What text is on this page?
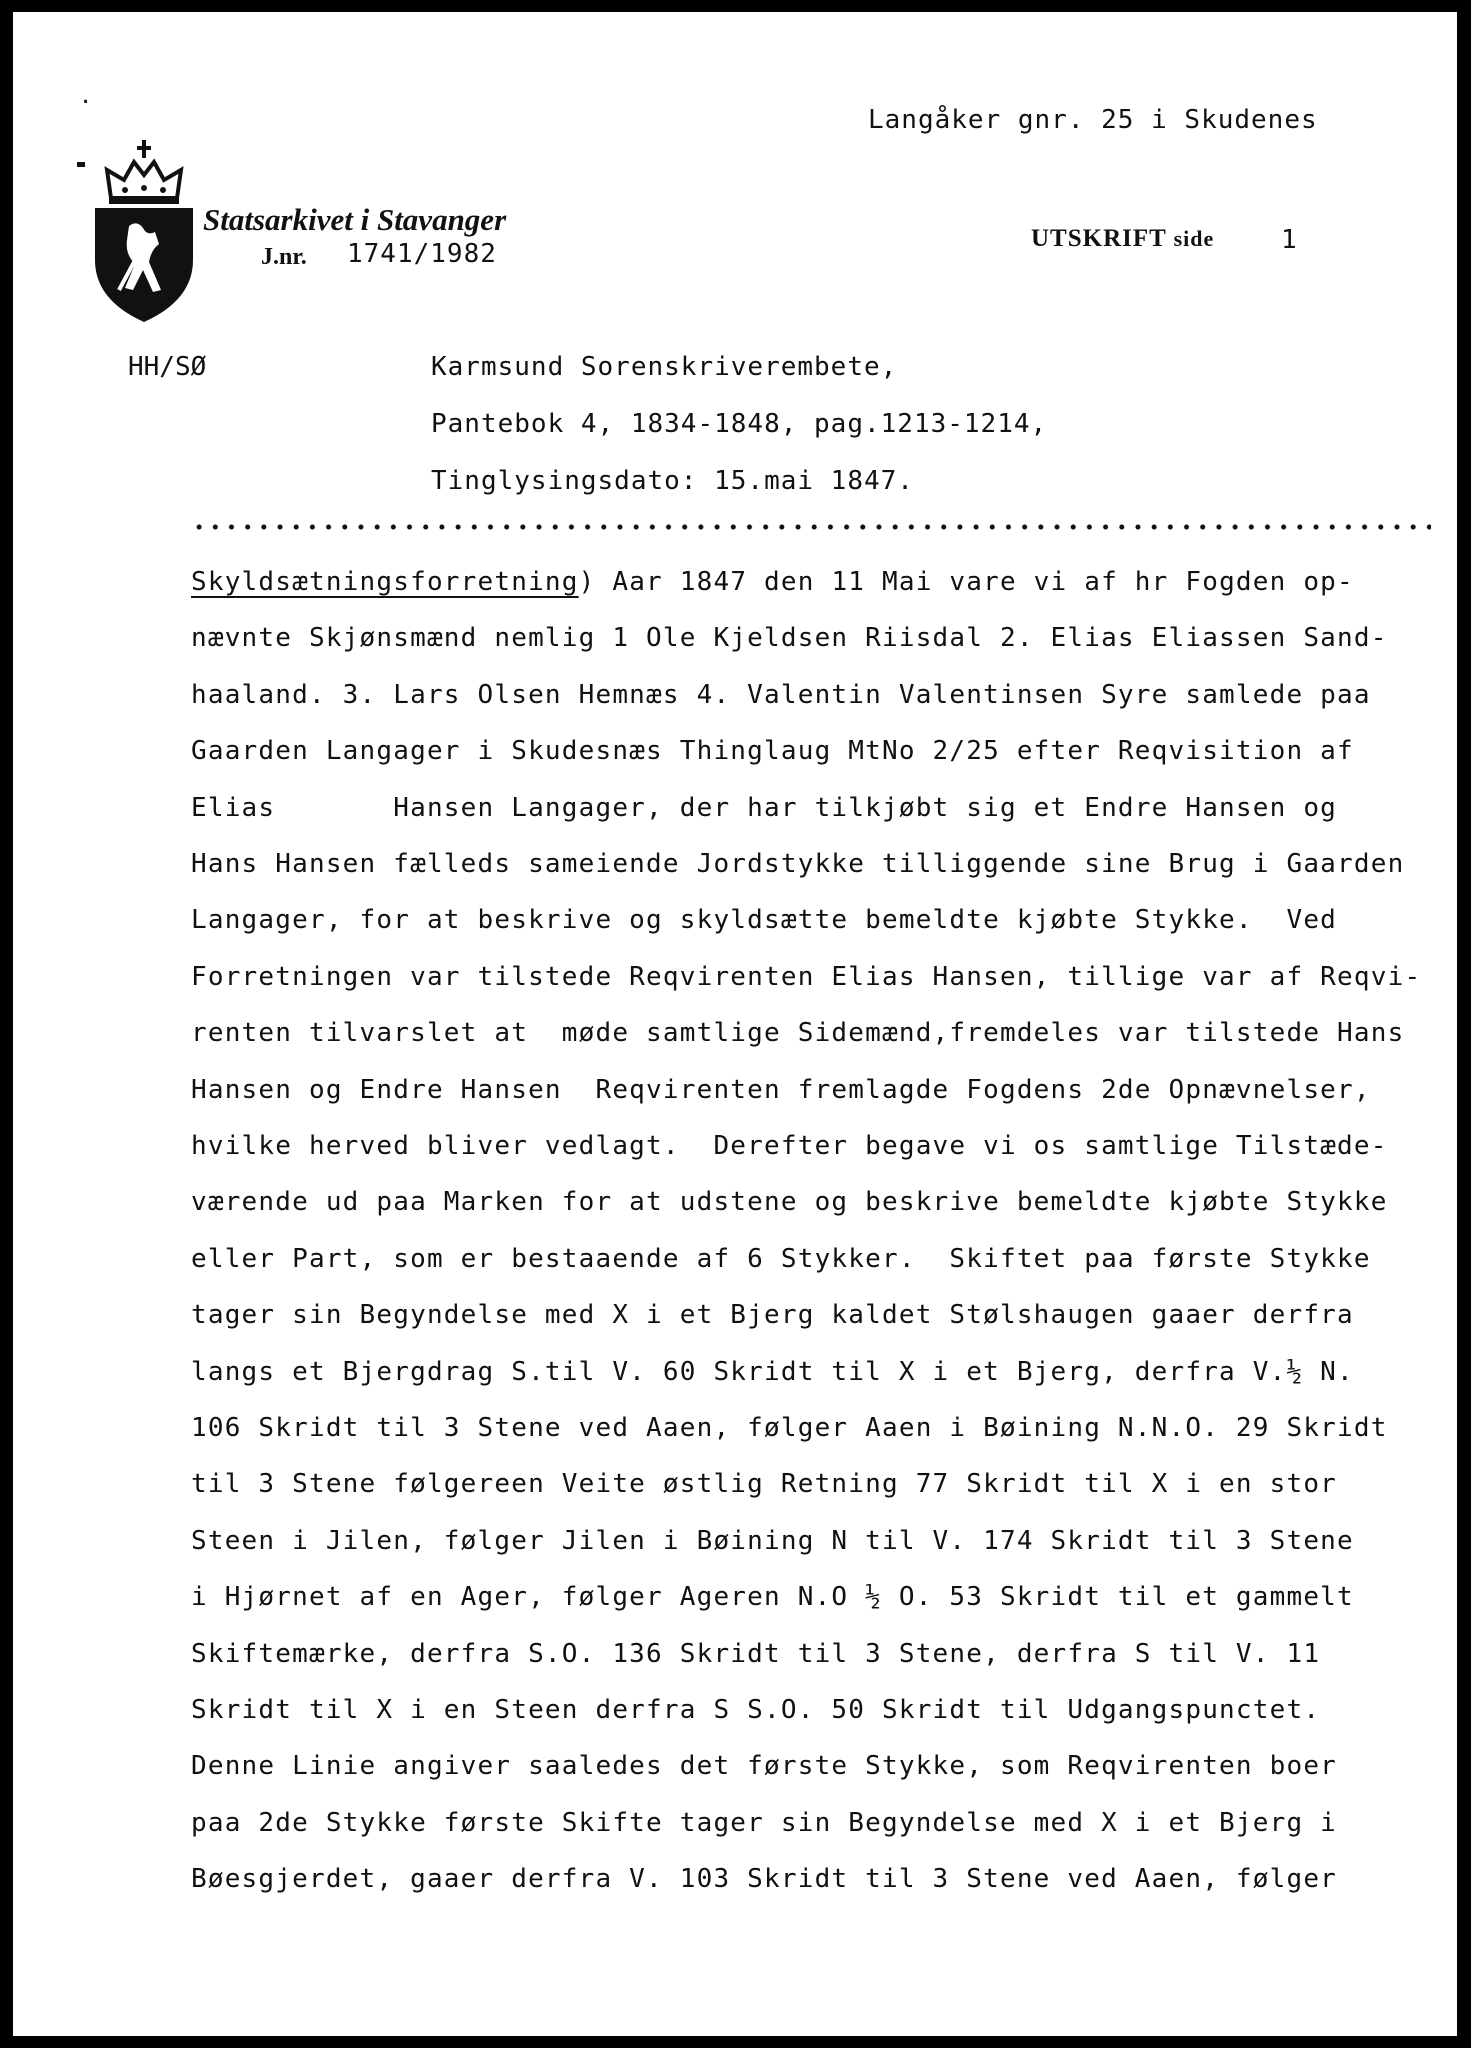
·
Langåker gnr. 25 i Skudenes
Statsarkivet i Stavanger
J.nr. 1741/1982
UTSKRIFT side	1
HH/SØ	Karmsund Sorenskriverembete,
Pantebok 4, 1834-1848, pag.1213-1214,
Tinglysingsdato: 15.mai 1847.
Skyldsætningsforretning) Aar 1847 den 11 Mai vare vi af hr Fogden op-
nævnte Skjønsmænd nemlig 1 Ole Kjeldsen Riisdal 2. Elias Eliassen Sand-
haaland. 3. Lars Olsen Hemnæs 4. Valentin Valentinsen Syre samlede paa
Gaarden Langager i Skudesnæs Thinglaug MtNo 2/25 efter Reqvisition af
Elias       Hansen Langager, der har tilkjøbt sig et Endre Hansen og
Hans Hansen fælleds sameiende Jordstykke tilliggende sine Brug i Gaarden
Langager, for at beskrive og skyldsætte bemeldte kjøbte Stykke.  Ved
Forretningen var tilstede Reqvirenten Elias Hansen, tillige var af Reqvi-
renten tilvarslet at  møde samtlige Sidemænd,fremdeles var tilstede Hans
Hansen og Endre Hansen  Reqvirenten fremlagde Fogdens 2de Opnævnelser,
hvilke herved bliver vedlagt.  Derefter begave vi os samtlige Tilstæde-
værende ud paa Marken for at udstene og beskrive bemeldte kjøbte Stykke
eller Part, som er bestaaende af 6 Stykker.  Skiftet paa første Stykke
tager sin Begyndelse med X i et Bjerg kaldet Stølshaugen gaaer derfra
langs et Bjergdrag S.til V. 60 Skridt til X i et Bjerg, derfra V.½ N.
106 Skridt til 3 Stene ved Aaen, følger Aaen i Bøining N.N.O. 29 Skridt
til 3 Stene følgereen Veite østlig Retning 77 Skridt til X i en stor
Steen i Jilen, følger Jilen i Bøining N til V. 174 Skridt til 3 Stene
i Hjørnet af en Ager, følger Ageren N.O ½ O. 53 Skridt til et gammelt
Skiftemærke, derfra S.O. 136 Skridt til 3 Stene, derfra S til V. 11
Skridt til X i en Steen derfra S S.O. 50 Skridt til Udgangspunctet.
Denne Linie angiver saaledes det første Stykke, som Reqvirenten boer
paa 2de Stykke første Skifte tager sin Begyndelse med X i et Bjerg i
Bøesgjerdet, gaaer derfra V. 103 Skridt til 3 Stene ved Aaen, følger
